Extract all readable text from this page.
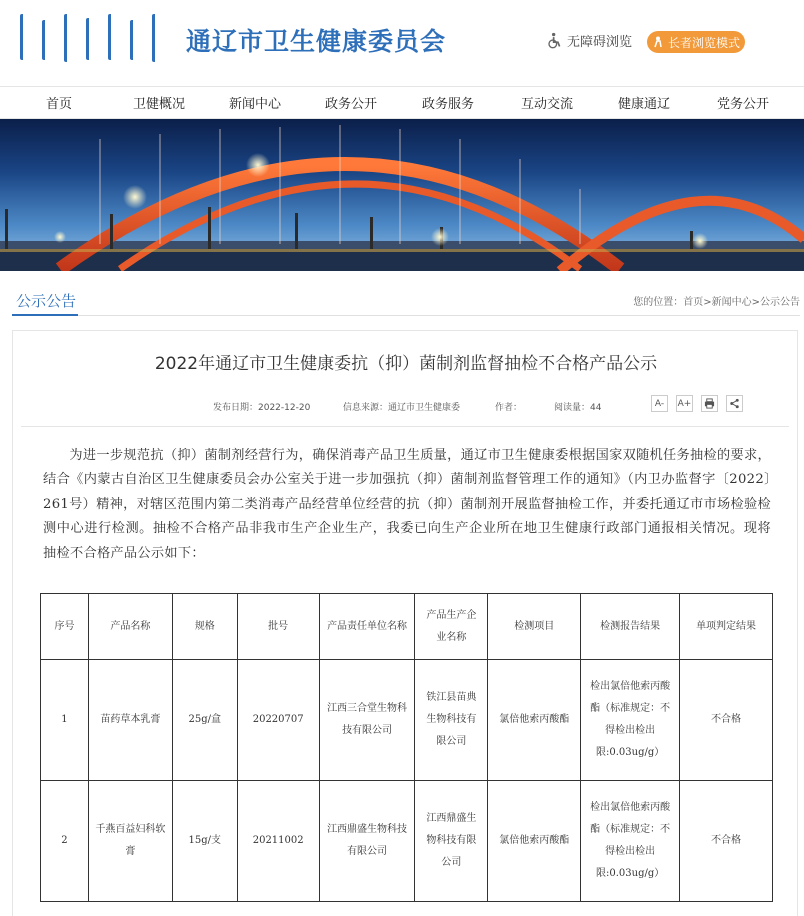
通辽市卫生健康委员会	无障碍浏览	长者浏览模式
首页	卫健概况	新闻中心	政务公开	政务服务	互动交流	健康通辽	党务公开
公示公告	您的位置：首页>新闻中心>公示公告
2022年通辽市卫生健康委抗（抑）菌制剂监督抽检不合格产品公示
发布日期：2022-12-20	信息来源：通辽市卫生健康委	作者：	阅读量：44	A-	A+
为进一步规范抗（抑）菌制剂经营行为，确保消毒产品卫生质量，通辽市卫生健康委根据国家双随机任务抽检的要求，结合《内蒙古自治区卫生健康委员会办公室关于进一步加强抗（抑）菌制剂监督管理工作的通知》（内卫办监督字〔2022〕261号）精神，对辖区范围内第二类消毒产品经营单位经营的抗（抑）菌制剂开展监督抽检工作，并委托通辽市市场检验检测中心进行检测。抽检不合格产品非我市生产企业生产，我委已向生产企业所在地卫生健康行政部门通报相关情况。现将抽检不合格产品公示如下：
序号	产品名称	规格	批号	产品责任单位名称	产品生产企业名称	检测项目	检测报告结果	单项判定结果
1	苗药草本乳膏	25g/盒	20220707	江西三合堂生物科技有限公司	铁江县苗典生物科技有限公司	氯倍他索丙酸酯	检出氯倍他索丙酸酯（标准规定：不得检出检出限:0.03ug/g）	不合格
2	千燕百益妇科软膏	15g/支	20211002	江西鼎盛生物科技有限公司	江西鼎盛生物科技有限公司	氯倍他索丙酸酯	检出氯倍他索丙酸酯（标准规定：不得检出检出限:0.03ug/g）	不合格
